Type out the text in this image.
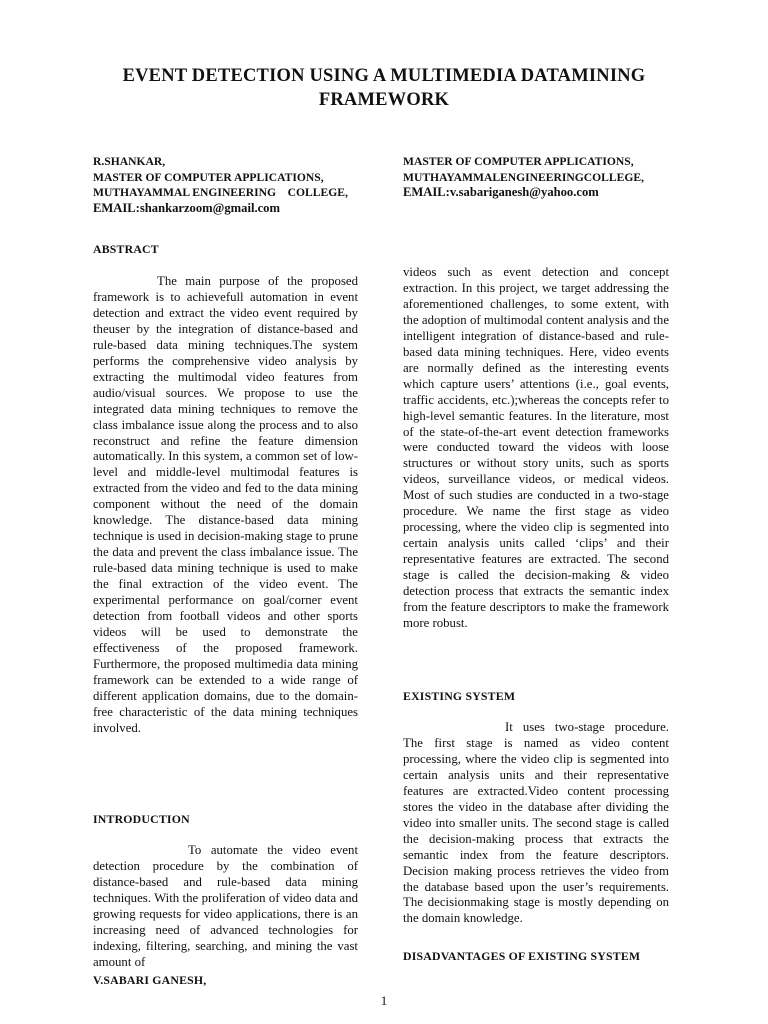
EVENT DETECTION USING A MULTIMEDIA DATAMINING FRAMEWORK
R.SHANKAR,
MASTER OF COMPUTER APPLICATIONS,
MUTHAYAMMAL ENGINEERING    COLLEGE,
EMAIL:shankarzoom@gmail.com
MASTER OF COMPUTER APPLICATIONS,
MUTHAYAMMALENGINEERINGCOLLEGE,
EMAIL:v.sabariganesh@yahoo.com
ABSTRACT
The main purpose of the proposed framework is to achievefull automation in event detection and extract the video event required by theuser by the integration of distance-based and rule-based data mining techniques.The system performs the comprehensive video analysis by extracting the multimodal video features from audio/visual sources. We propose to use the integrated data mining techniques to remove the class imbalance issue along the process and to also reconstruct and refine the feature dimension automatically. In this system, a common set of low-level and middle-level multimodal features is extracted from the video and fed to the data mining component without the need of the domain knowledge. The distance-based data mining technique is used in decision-making stage to prune the data and prevent the class imbalance issue. The rule-based data mining technique is used to make the final extraction of the video event. The experimental performance on goal/corner event detection from football videos and other sports videos will be used to demonstrate the effectiveness of the proposed framework. Furthermore, the proposed multimedia data mining framework can be extended to a wide range of different application domains, due to the domain-free characteristic of the data mining techniques involved.
INTRODUCTION
To automate the video event detection procedure by the combination of distance-based and rule-based data mining techniques. With the proliferation of video data and growing requests for video applications, there is an increasing need of advanced technologies for indexing, filtering, searching, and mining the vast amount of
V.SABARI GANESH,
videos such as event detection and concept extraction. In this project, we target addressing the aforementioned challenges, to some extent, with the adoption of multimodal content analysis and the intelligent integration of distance-based and rule-based data mining techniques. Here, video events are normally defined as the interesting events which capture users’ attentions (i.e., goal events, traffic accidents, etc.);whereas the concepts refer to high-level semantic features. In the literature, most of the state-of-the-art event detection frameworks were conducted toward the videos with loose structures or without story units, such as sports videos, surveillance videos, or medical videos. Most of such studies are conducted in a two-stage procedure. We name the first stage as video processing, where the video clip is segmented into certain analysis units called ‘clips’ and their representative features are extracted. The second stage is called the decision-making & video detection process that extracts the semantic index from the feature descriptors to make the framework more robust.
EXISTING SYSTEM
It uses two-stage procedure. The first stage is named as video content processing, where the video clip is segmented into certain analysis units and their representative features are extracted.Video content processing stores the video in the database after dividing the video into smaller units. The second stage is called the decision-making process that extracts the semantic index from the feature descriptors. Decision making process retrieves the video from the database based upon the user’s requirements. The decisionmaking stage is mostly depending on the domain knowledge.
DISADVANTAGES OF EXISTING SYSTEM
1
